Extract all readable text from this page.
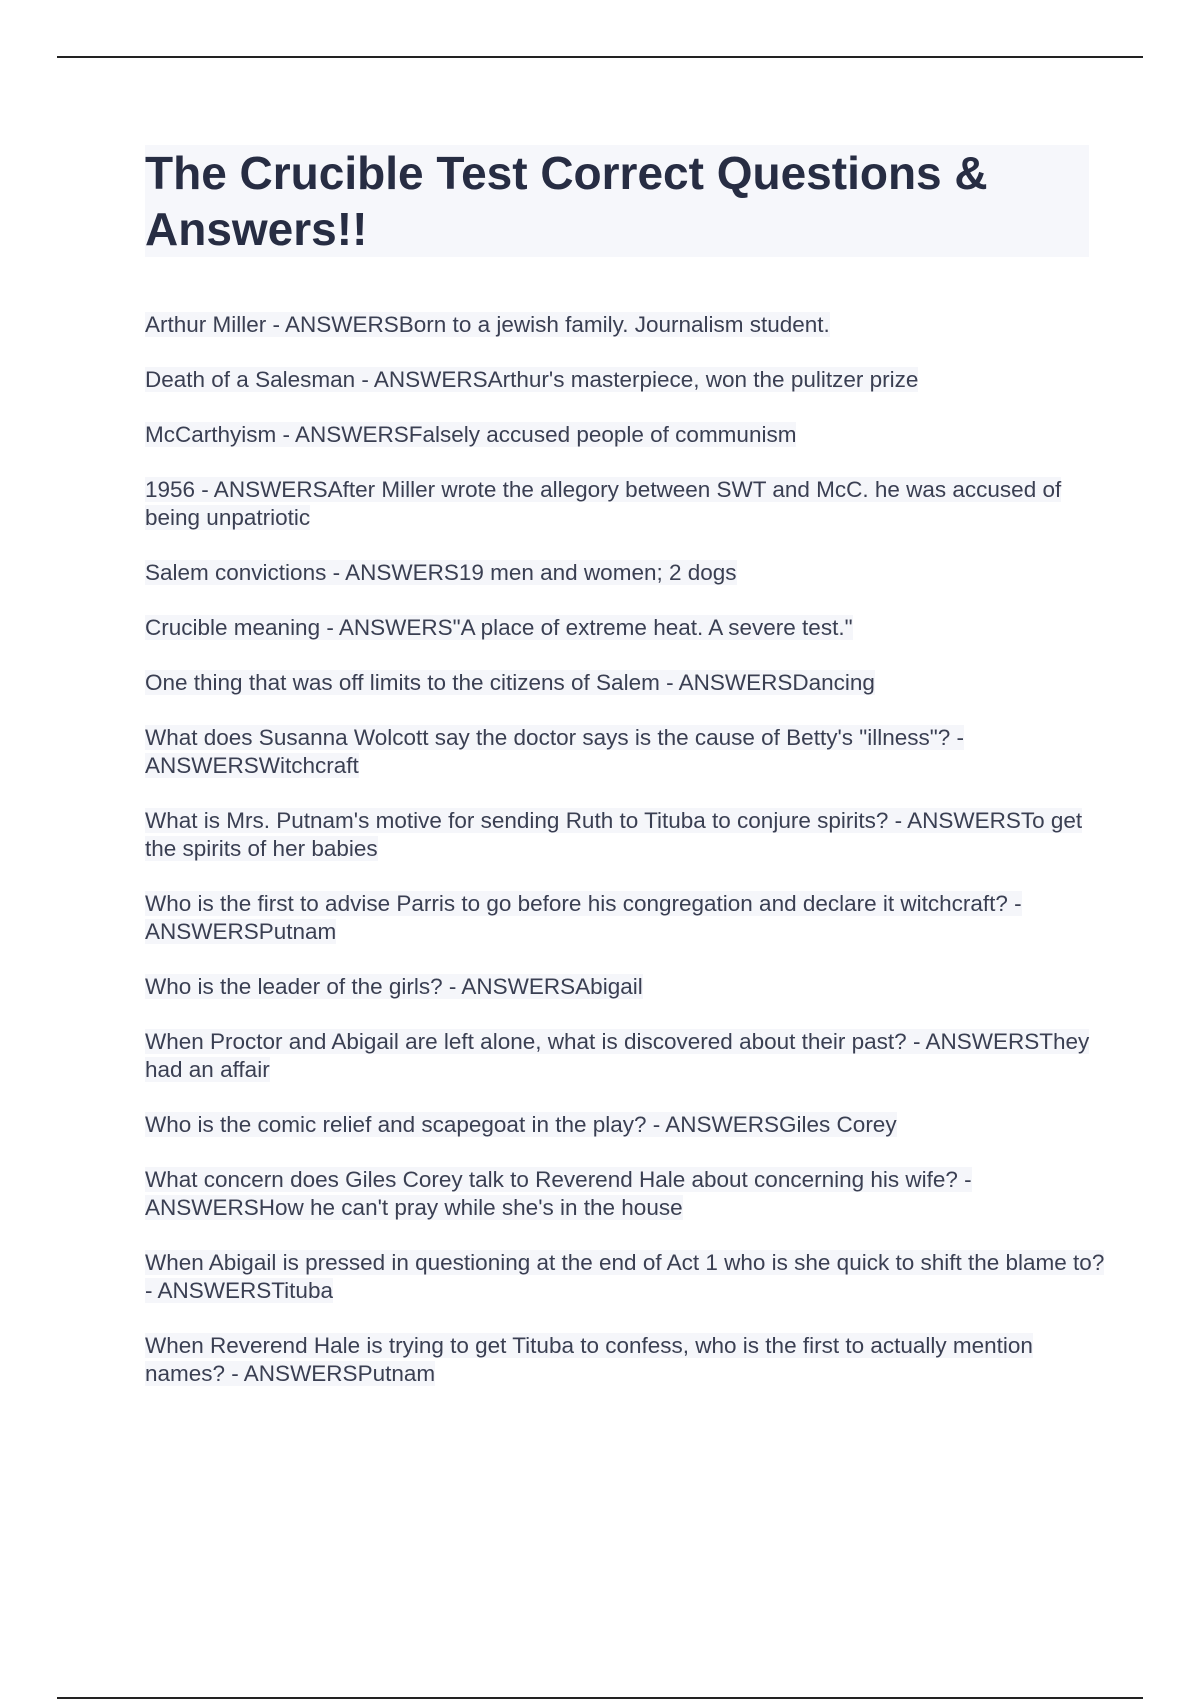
The Crucible Test Correct Questions & Answers!!
Arthur Miller - ANSWERSBorn to a jewish family. Journalism student.
Death of a Salesman - ANSWERSArthur's masterpiece, won the pulitzer prize
McCarthyism - ANSWERSFalsely accused people of communism
1956 - ANSWERSAfter Miller wrote the allegory between SWT and McC. he was accused of being unpatriotic
Salem convictions - ANSWERS19 men and women; 2 dogs
Crucible meaning - ANSWERS"A place of extreme heat. A severe test."
One thing that was off limits to the citizens of Salem - ANSWERSDancing
What does Susanna Wolcott say the doctor says is the cause of Betty's "illness"? - ANSWERSWitchcraft
What is Mrs. Putnam's motive for sending Ruth to Tituba to conjure spirits? - ANSWERSTo get the spirits of her babies
Who is the first to advise Parris to go before his congregation and declare it witchcraft? - ANSWERSPutnam
Who is the leader of the girls? - ANSWERSAbigail
When Proctor and Abigail are left alone, what is discovered about their past? - ANSWERSThey had an affair
Who is the comic relief and scapegoat in the play? - ANSWERSGiles Corey
What concern does Giles Corey talk to Reverend Hale about concerning his wife? - ANSWERSHow he can't pray while she's in the house
When Abigail is pressed in questioning at the end of Act 1 who is she quick to shift the blame to? - ANSWERSTituba
When Reverend Hale is trying to get Tituba to confess, who is the first to actually mention names? - ANSWERSPutnam
